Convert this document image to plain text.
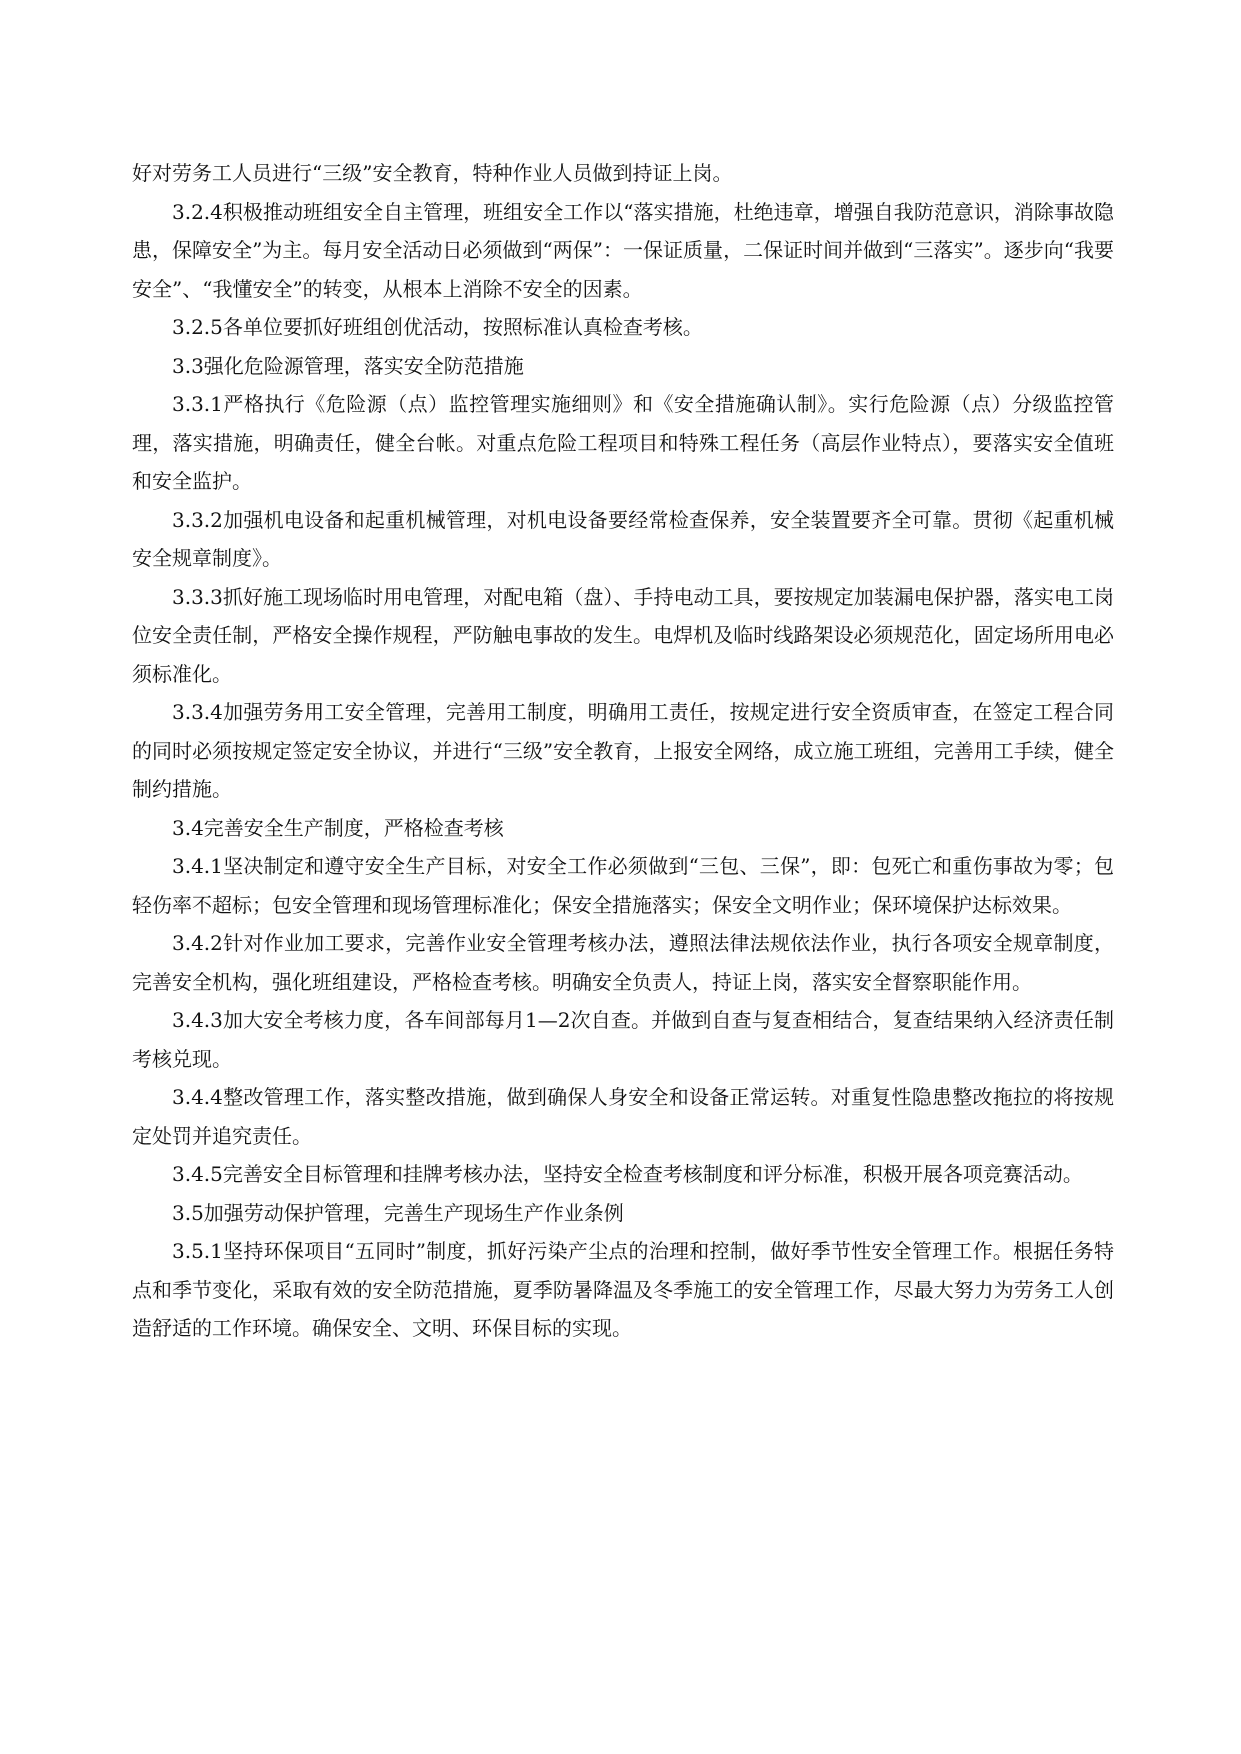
好对劳务工人员进行“三级”安全教育，特种作业人员做到持证上岗。

3.2.4积极推动班组安全自主管理，班组安全工作以“落实措施，杜绝违章，增强自我防范意识，消除事故隐患，保障安全”为主。每月安全活动日必须做到“两保”：一保证质量，二保证时间并做到“三落实”。逐步向“我要安全”、“我懂安全”的转变，从根本上消除不安全的因素。

3.2.5各单位要抓好班组创优活动，按照标准认真检查考核。

3.3强化危险源管理，落实安全防范措施

3.3.1严格执行《危险源（点）监控管理实施细则》和《安全措施确认制》。实行危险源（点）分级监控管理，落实措施，明确责任，健全台帐。对重点危险工程项目和特殊工程任务（高层作业特点），要落实安全值班和安全监护。

3.3.2加强机电设备和起重机械管理，对机电设备要经常检查保养，安全装置要齐全可靠。贯彻《起重机械安全规章制度》。

3.3.3抓好施工现场临时用电管理，对配电箱（盘）、手持电动工具，要按规定加装漏电保护器，落实电工岗位安全责任制，严格安全操作规程，严防触电事故的发生。电焊机及临时线路架设必须规范化，固定场所用电必须标准化。

3.3.4加强劳务用工安全管理，完善用工制度，明确用工责任，按规定进行安全资质审查，在签定工程合同的同时必须按规定签定安全协议，并进行“三级”安全教育，上报安全网络，成立施工班组，完善用工手续，健全制约措施。

3.4完善安全生产制度，严格检查考核

3.4.1坚决制定和遵守安全生产目标，对安全工作必须做到“三包、三保”，即：包死亡和重伤事故为零；包轻伤率不超标；包安全管理和现场管理标准化；保安全措施落实；保安全文明作业；保环境保护达标效果。

3.4.2针对作业加工要求，完善作业安全管理考核办法，遵照法律法规依法作业，执行各项安全规章制度，完善安全机构，强化班组建设，严格检查考核。明确安全负责人，持证上岗，落实安全督察职能作用。

3.4.3加大安全考核力度，各车间部每月1—2次自查。并做到自查与复查相结合，复查结果纳入经济责任制考核兑现。

3.4.4整改管理工作，落实整改措施，做到确保人身安全和设备正常运转。对重复性隐患整改拖拉的将按规定处罚并追究责任。

3.4.5完善安全目标管理和挂牌考核办法，坚持安全检查考核制度和评分标准，积极开展各项竞赛活动。

3.5加强劳动保护管理，完善生产现场生产作业条例

3.5.1坚持环保项目“五同时”制度，抓好污染产尘点的治理和控制，做好季节性安全管理工作。根据任务特点和季节变化，采取有效的安全防范措施，夏季防暑降温及冬季施工的安全管理工作，尽最大努力为劳务工人创造舒适的工作环境。确保安全、文明、环保目标的实现。
